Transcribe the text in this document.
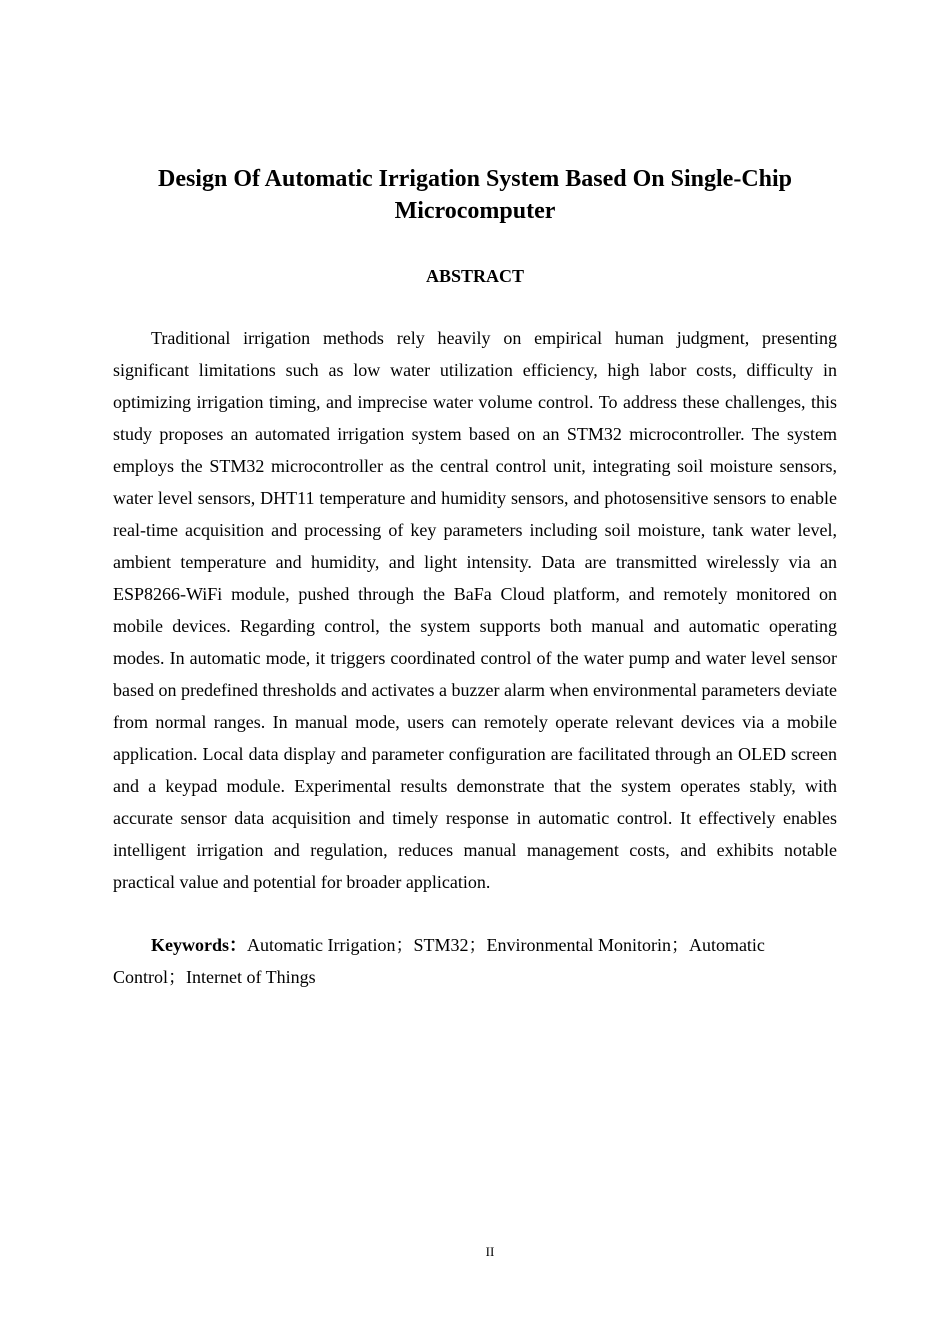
Design Of Automatic Irrigation System Based On Single-Chip Microcomputer
ABSTRACT

Traditional irrigation methods rely heavily on empirical human judgment, presenting significant limitations such as low water utilization efficiency, high labor costs, difficulty in optimizing irrigation timing, and imprecise water volume control. To address these challenges, this study proposes an automated irrigation system based on an STM32 microcontroller. The system employs the STM32 microcontroller as the central control unit, integrating soil moisture sensors, water level sensors, DHT11 temperature and humidity sensors, and photosensitive sensors to enable real-time acquisition and processing of key parameters including soil moisture, tank water level, ambient temperature and humidity, and light intensity. Data are transmitted wirelessly via an ESP8266-WiFi module, pushed through the BaFa Cloud platform, and remotely monitored on mobile devices. Regarding control, the system supports both manual and automatic operating modes. In automatic mode, it triggers coordinated control of the water pump and water level sensor based on predefined thresholds and activates a buzzer alarm when environmental parameters deviate from normal ranges. In manual mode, users can remotely operate relevant devices via a mobile application. Local data display and parameter configuration are facilitated through an OLED screen and a keypad module. Experimental results demonstrate that the system operates stably, with accurate sensor data acquisition and timely response in automatic control. It effectively enables intelligent irrigation and regulation, reduces manual management costs, and exhibits notable practical value and potential for broader application.

Keywords：Automatic Irrigation；STM32；Environmental Monitorin；Automatic Control；Internet of Things

II
